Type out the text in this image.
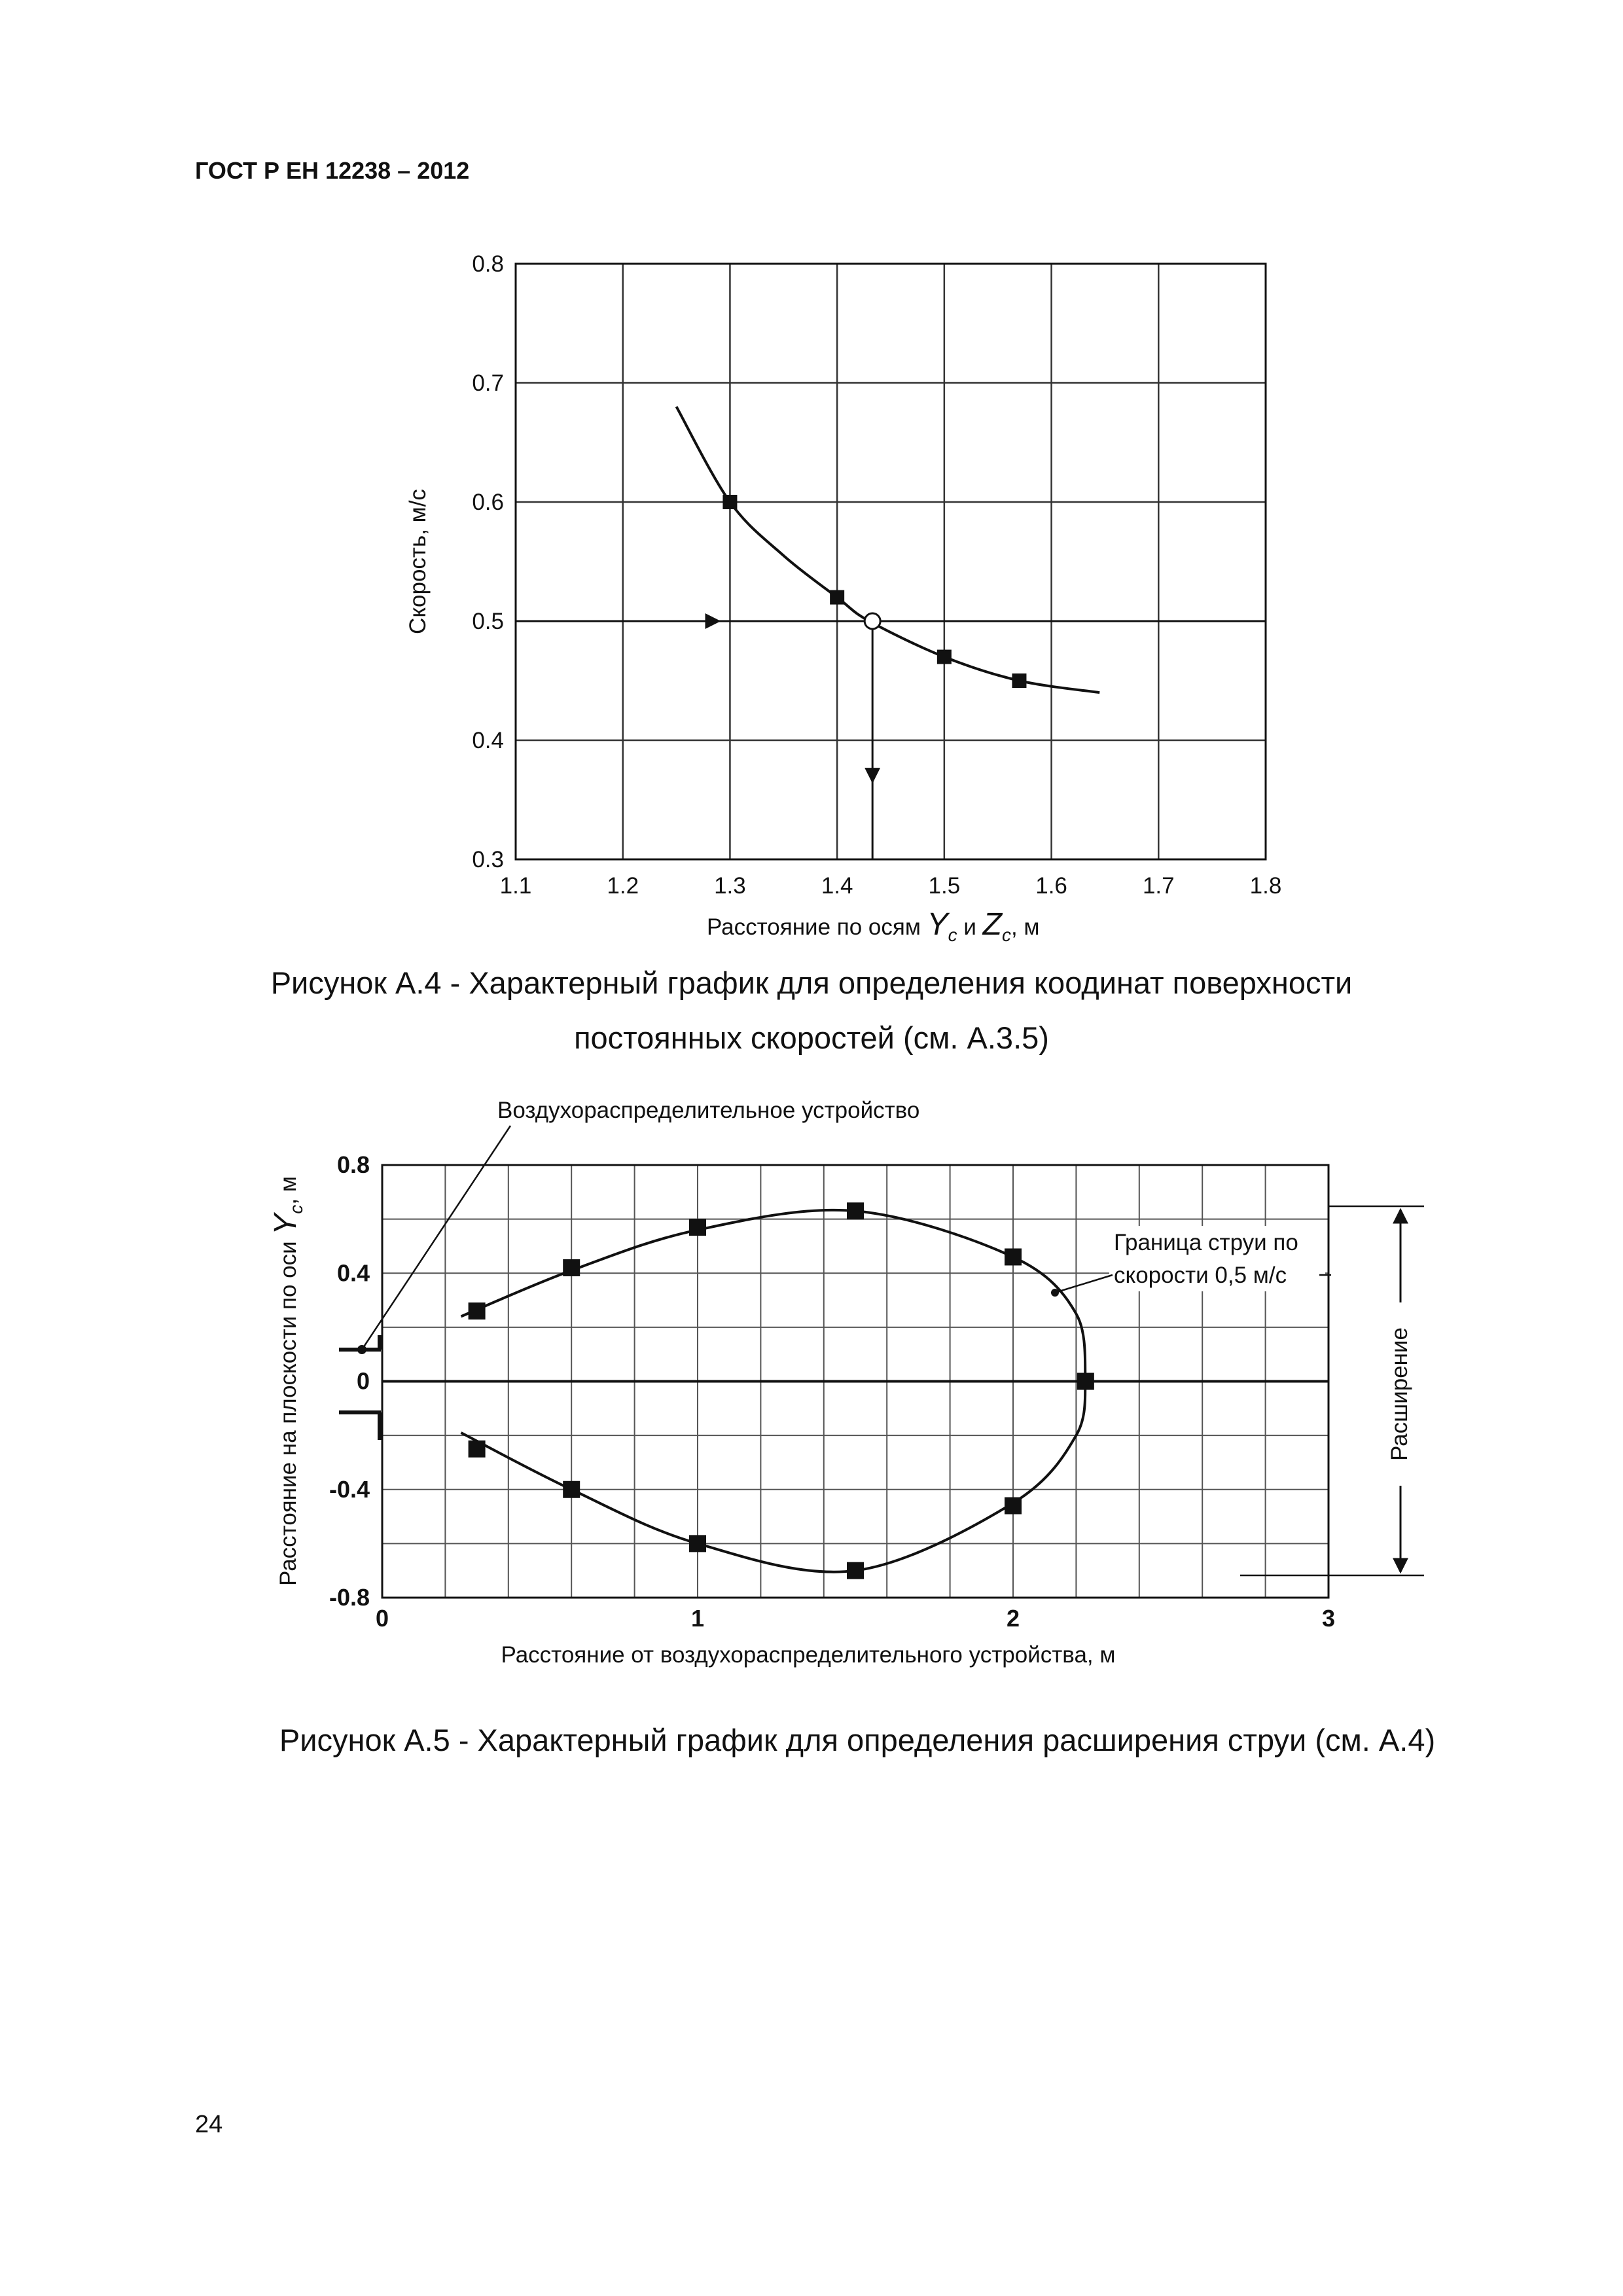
ГОСТ Р ЕН 12238 – 2012
1.1	1.2	1.3	1.4	1.5	1.6	1.7	1.8
0.3
0.4
0.5
0.6
0.7
0.8
Скорость, м/с
Расстояние по осям $Y_c$ и $Z_c$, м
Рисунок А.4 - Характерный график для определения коодинат поверхности
постоянных скоростей (см. А.3.5)
0	1	2	3
0.8
0.4
0
-0.4
-0.8
Воздухораспределительное устройство
Граница струи по
скорости 0,5 м/с
Расширение
Расстояние на плоскости по оси $Y_c$, м
Расстояние от воздухораспределительного устройства, м
Рисунок А.5 - Характерный график для определения расширения струи (см. А.4)
24
